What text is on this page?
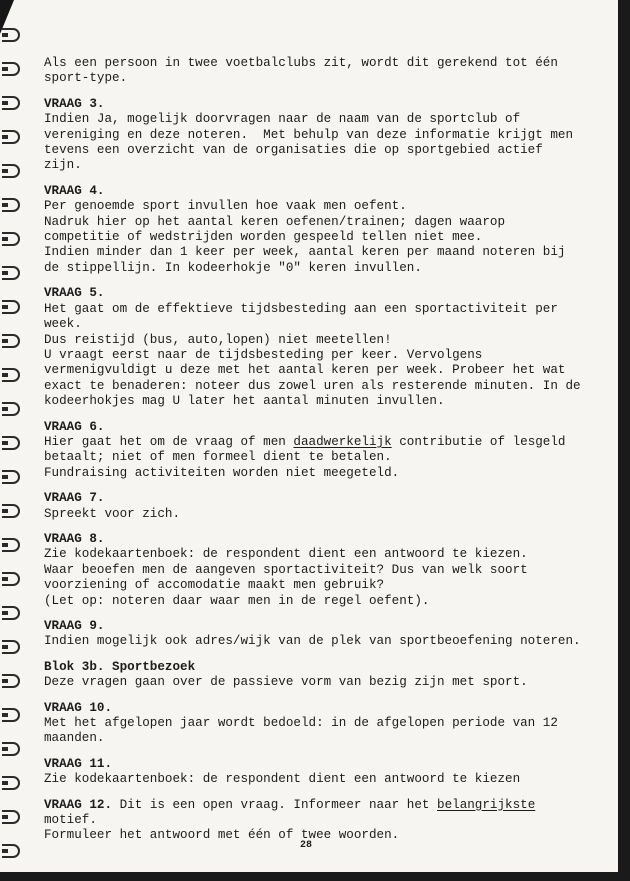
Als een persoon in twee voetbalclubs zit, wordt dit gerekend tot één
sport-type.
VRAAG 3.
Indien Ja, mogelijk doorvragen naar de naam van de sportclub of
vereniging en deze noteren.  Met behulp van deze informatie krijgt men
tevens een overzicht van de organisaties die op sportgebied actief
zijn.
VRAAG 4.
Per genoemde sport invullen hoe vaak men oefent.
Nadruk hier op het aantal keren oefenen/trainen; dagen waarop
competitie of wedstrijden worden gespeeld tellen niet mee.
Indien minder dan 1 keer per week, aantal keren per maand noteren bij
de stippellijn. In kodeerhokje "0" keren invullen.
VRAAG 5.
Het gaat om de effektieve tijdsbesteding aan een sportactiviteit per
week.
Dus reistijd (bus, auto,lopen) niet meetellen!
U vraagt eerst naar de tijdsbesteding per keer. Vervolgens
vermenigvuldigt u deze met het aantal keren per week. Probeer het wat
exact te benaderen: noteer dus zowel uren als resterende minuten. In de
kodeerhokjes mag U later het aantal minuten invullen.
VRAAG 6.
Hier gaat het om de vraag of men daadwerkelijk contributie of lesgeld
betaalt; niet of men formeel dient te betalen.
Fundraising activiteiten worden niet meegeteld.
VRAAG 7.
Spreekt voor zich.
VRAAG 8.
Zie kodekaartenboek: de respondent dient een antwoord te kiezen.
Waar beoefen men de aangeven sportactiviteit? Dus van welk soort
voorziening of accomodatie maakt men gebruik?
(Let op: noteren daar waar men in de regel oefent).
VRAAG 9.
Indien mogelijk ook adres/wijk van de plek van sportbeoefening noteren.
Blok 3b. Sportbezoek
Deze vragen gaan over de passieve vorm van bezig zijn met sport.
VRAAG 10.
Met het afgelopen jaar wordt bedoeld: in de afgelopen periode van 12
maanden.
VRAAG 11.
Zie kodekaartenboek: de respondent dient een antwoord te kiezen
VRAAG 12. Dit is een open vraag. Informeer naar het belangrijkste
motief.
Formuleer het antwoord met één of twee woorden.
28
